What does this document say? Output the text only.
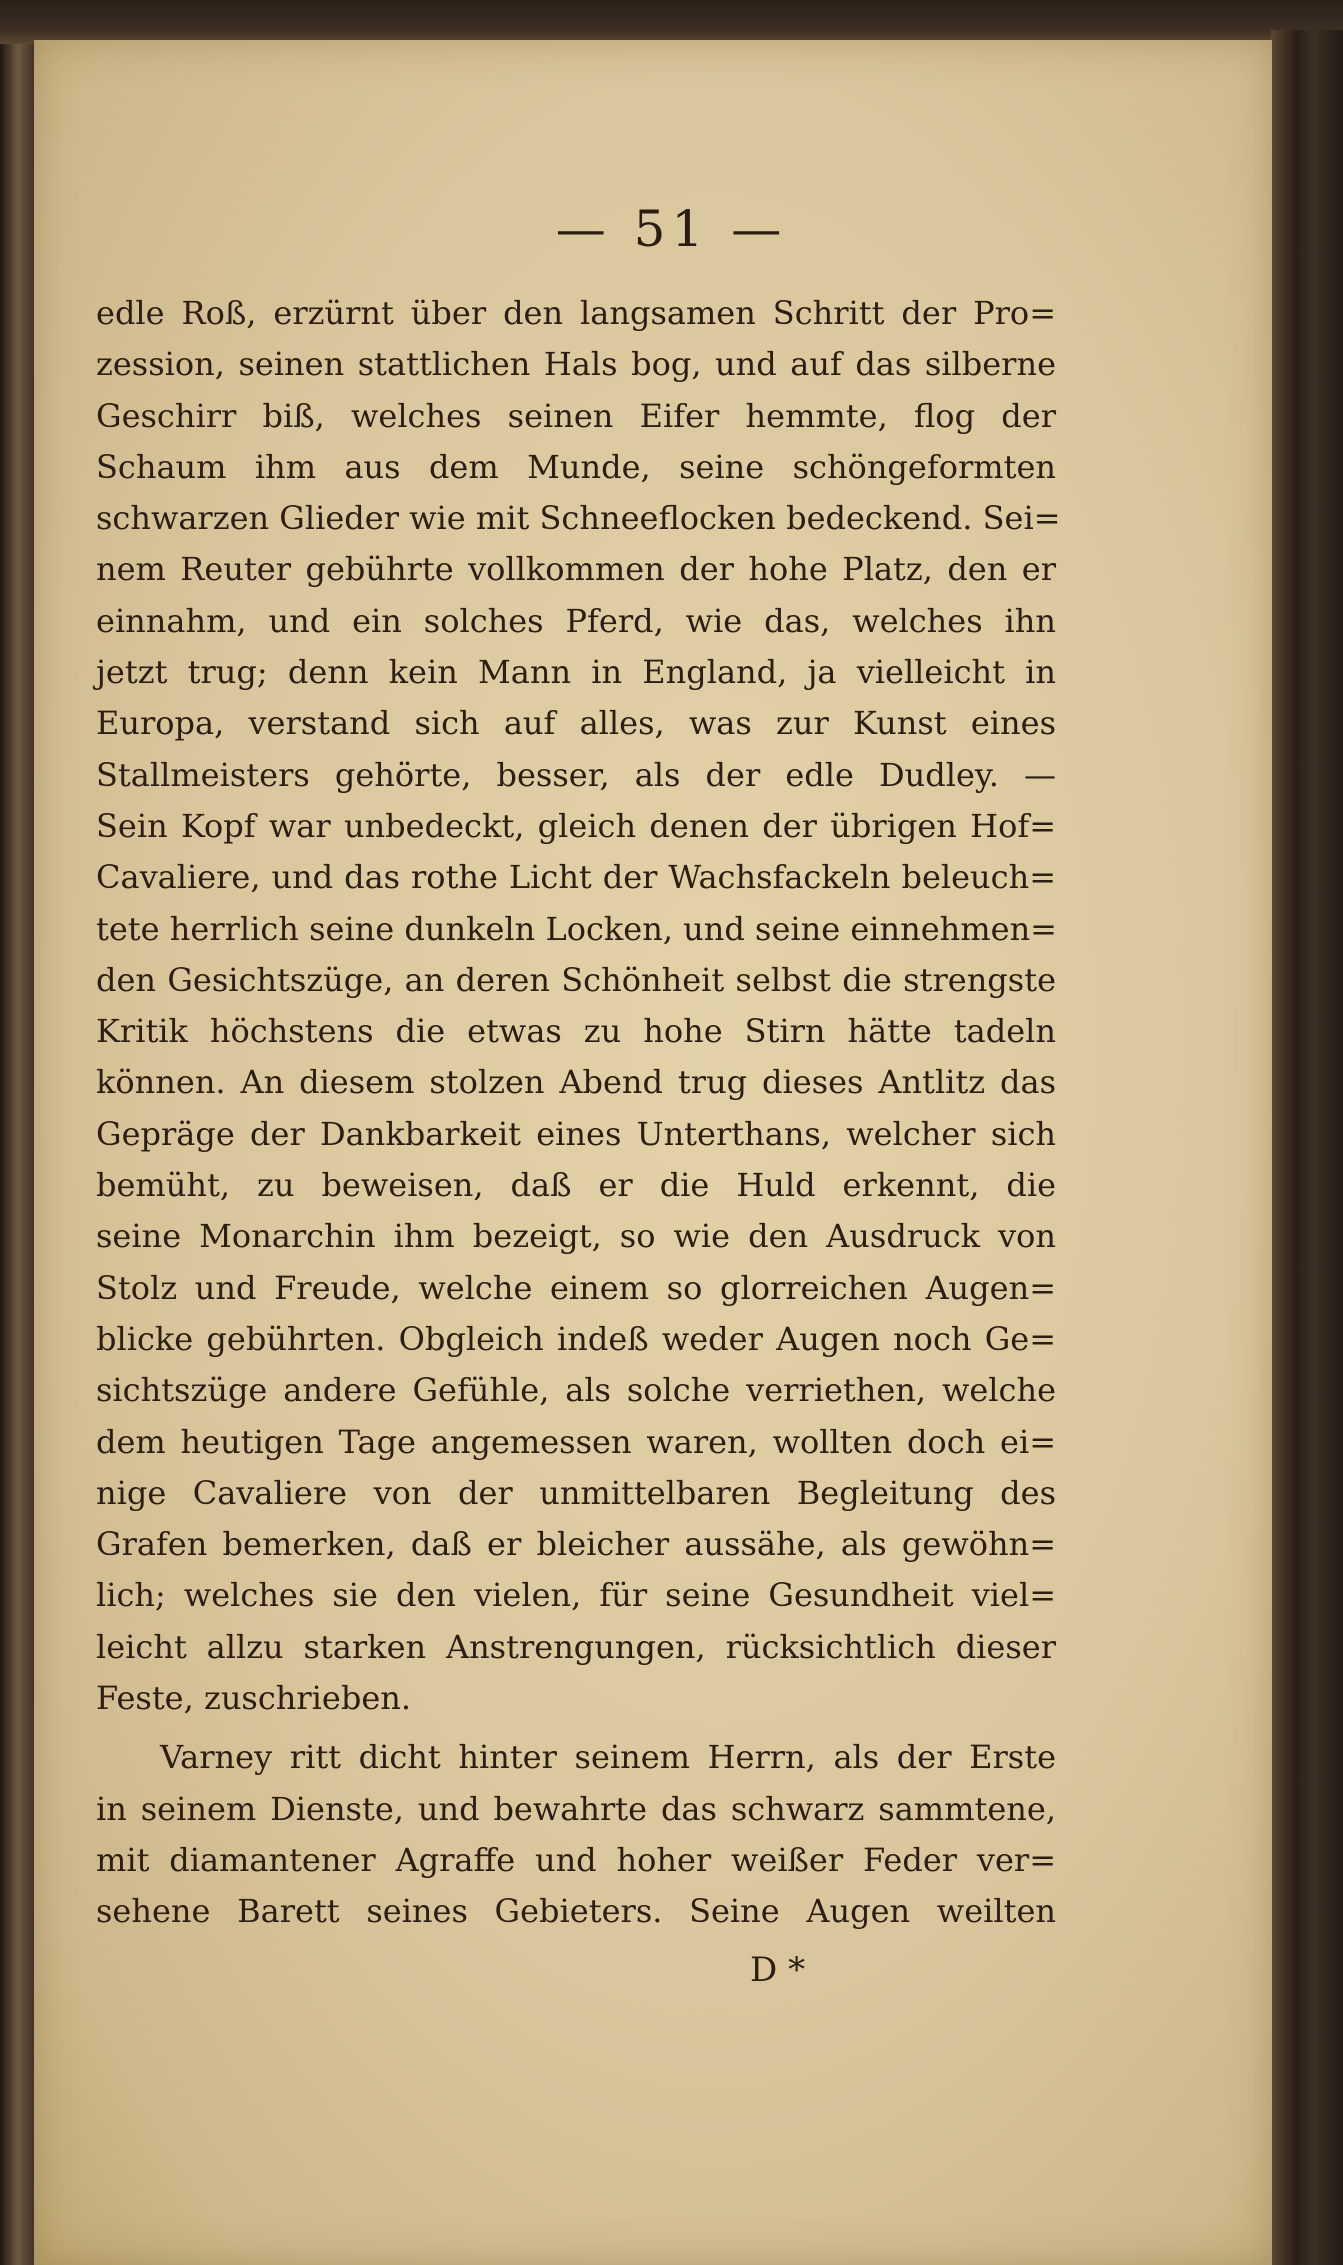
— 51 —
edle Roß, erzürnt über den langsamen Schritt der Pro=
zession, seinen stattlichen Hals bog, und auf das silberne
Geschirr biß, welches seinen Eifer hemmte, flog der
Schaum ihm aus dem Munde, seine schöngeformten
schwarzen Glieder wie mit Schneeflocken bedeckend. Sei=
nem Reuter gebührte vollkommen der hohe Platz, den er
einnahm, und ein solches Pferd, wie das, welches ihn
jetzt trug; denn kein Mann in England, ja vielleicht in
Europa, verstand sich auf alles, was zur Kunst eines
Stallmeisters gehörte, besser, als der edle Dudley. —
Sein Kopf war unbedeckt, gleich denen der übrigen Hof=
Cavaliere, und das rothe Licht der Wachsfackeln beleuch=
tete herrlich seine dunkeln Locken, und seine einnehmen=
den Gesichtszüge, an deren Schönheit selbst die strengste
Kritik höchstens die etwas zu hohe Stirn hätte tadeln
können. An diesem stolzen Abend trug dieses Antlitz das
Gepräge der Dankbarkeit eines Unterthans, welcher sich
bemüht, zu beweisen, daß er die Huld erkennt, die
seine Monarchin ihm bezeigt, so wie den Ausdruck von
Stolz und Freude, welche einem so glorreichen Augen=
blicke gebührten. Obgleich indeß weder Augen noch Ge=
sichtszüge andere Gefühle, als solche verriethen, welche
dem heutigen Tage angemessen waren, wollten doch ei=
nige Cavaliere von der unmittelbaren Begleitung des
Grafen bemerken, daß er bleicher aussähe, als gewöhn=
lich; welches sie den vielen, für seine Gesundheit viel=
leicht allzu starken Anstrengungen, rücksichtlich dieser
Feste, zuschrieben.
Varney ritt dicht hinter seinem Herrn, als der Erste
in seinem Dienste, und bewahrte das schwarz sammtene,
mit diamantener Agraffe und hoher weißer Feder ver=
sehene Barett seines Gebieters. Seine Augen weilten
D *
